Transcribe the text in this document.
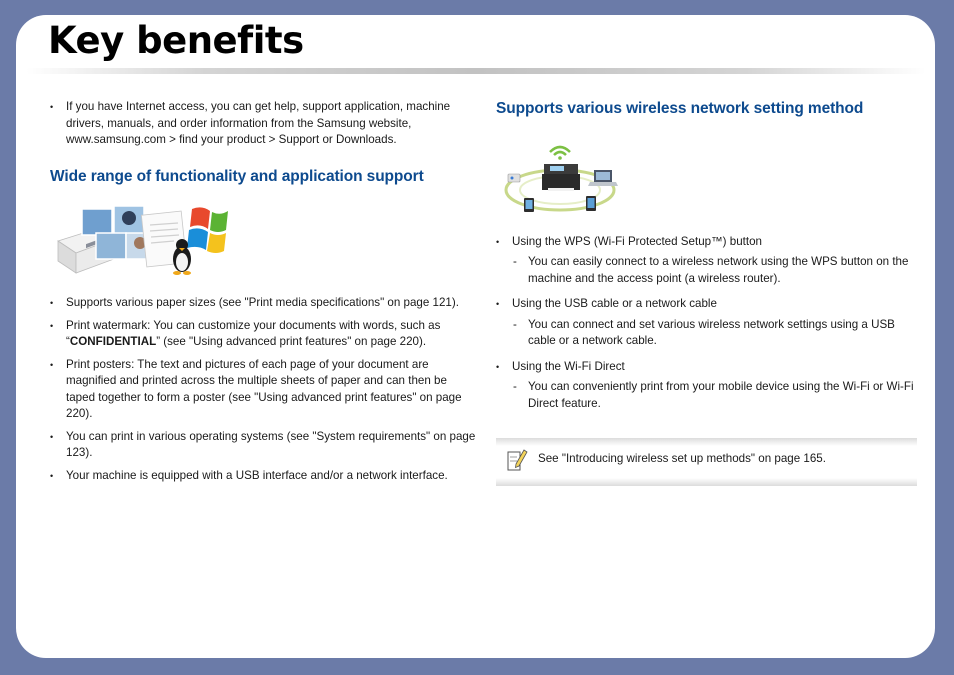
Key benefits
• If you have Internet access, you can get help, support application, machine drivers, manuals, and order information from the Samsung website, www.samsung.com > find your product > Support or Downloads.
Wide range of functionality and application support
• Supports various paper sizes (see "Print media specifications" on page 121).
• Print watermark: You can customize your documents with words, such as “CONFIDENTIAL” (see "Using advanced print features" on page 220).
• Print posters: The text and pictures of each page of your document are magnified and printed across the multiple sheets of paper and can then be taped together to form a poster (see "Using advanced print features" on page 220).
• You can print in various operating systems (see "System requirements" on page 123).
• Your machine is equipped with a USB interface and/or a network interface.
Supports various wireless network setting method
• Using the WPS (Wi-Fi Protected Setup™) button
- You can easily connect to a wireless network using the WPS button on the machine and the access point (a wireless router).
• Using the USB cable or a network cable
- You can connect and set various wireless network settings using a USB cable or a network cable.
• Using the Wi-Fi Direct
- You can conveniently print from your mobile device using the Wi-Fi or Wi-Fi Direct feature.
See "Introducing wireless set up methods" on page 165.
